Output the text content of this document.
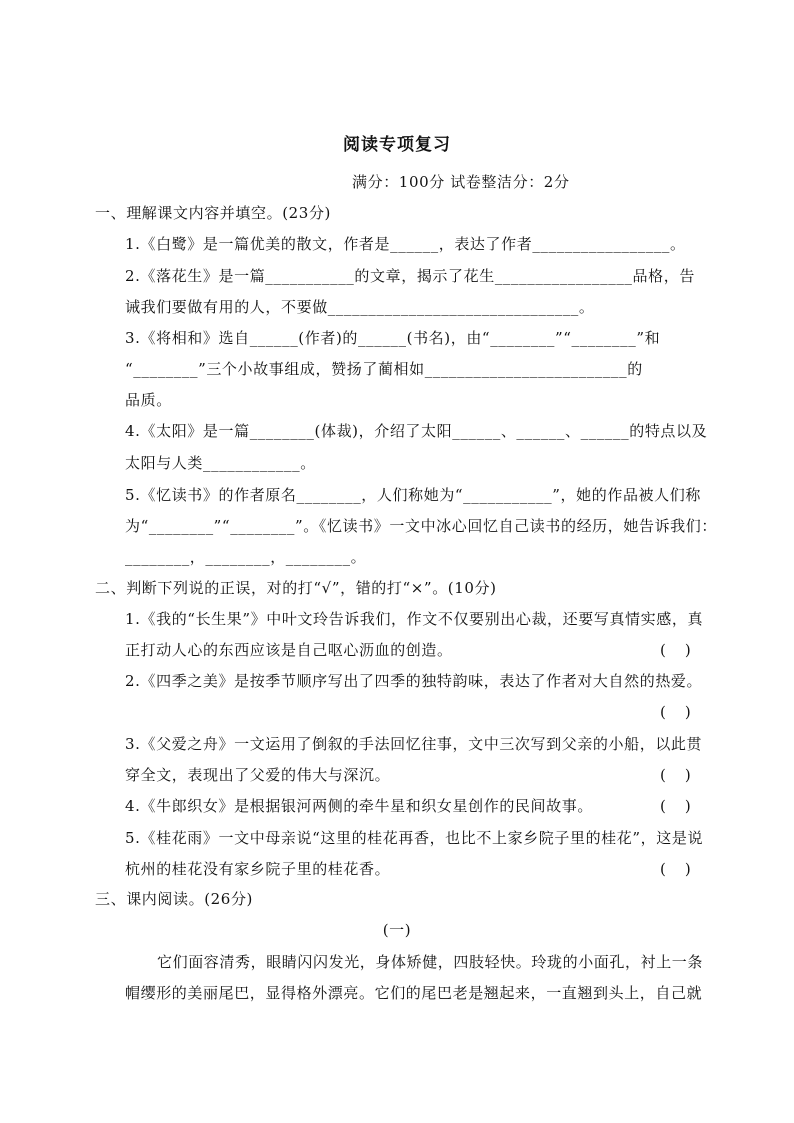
阅读专项复习
满分：100分 试卷整洁分：2分
一、理解课文内容并填空。(23分)
1.《白鹭》是一篇优美的散文，作者是______，表达了作者_________________。
2.《落花生》是一篇___________的文章，揭示了花生_________________品格，告
诫我们要做有用的人，不要做_______________________________。
3.《将相和》选自______(作者)的______(书名)，由“________”“________”和
“________”三个小故事组成，赞扬了蔺相如_________________________的
品质。
4.《太阳》是一篇________(体裁)，介绍了太阳______、______、______的特点以及
太阳与人类____________。
5.《忆读书》的作者原名________，人们称她为“___________”，她的作品被人们称
为“________”“________”。《忆读书》一文中冰心回忆自己读书的经历，她告诉我们：
________，________，________。
二、判断下列说的正误，对的打“√”，错的打“×”。(10分)
1.《我的“长生果”》中叶文玲告诉我们，作文不仅要别出心裁，还要写真情实感，真
正打动人心的东西应该是自己呕心沥血的创造。	(    )
2.《四季之美》是按季节顺序写出了四季的独特韵味，表达了作者对大自然的热爱。
(    )
3.《父爱之舟》一文运用了倒叙的手法回忆往事，文中三次写到父亲的小船，以此贯
穿全文，表现出了父爱的伟大与深沉。	(    )
4.《牛郎织女》是根据银河两侧的牵牛星和织女星创作的民间故事。	(    )
5.《桂花雨》一文中母亲说“这里的桂花再香，也比不上家乡院子里的桂花”，这是说
杭州的桂花没有家乡院子里的桂花香。	(    )
三、课内阅读。(26分)
(一)
它们面容清秀，眼睛闪闪发光，身体矫健，四肢轻快。玲珑的小面孔，衬上一条
帽缨形的美丽尾巴，显得格外漂亮。它们的尾巴老是翘起来，一直翘到头上，自己就
